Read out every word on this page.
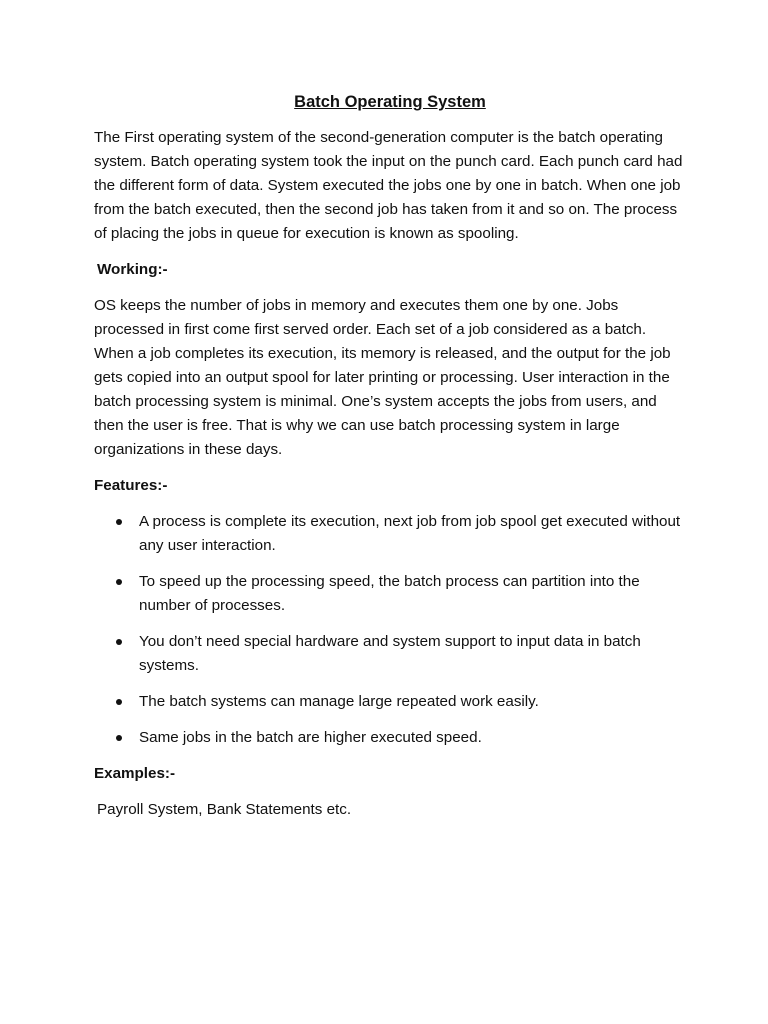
Batch Operating System

The First operating system of the second-generation computer is the batch operating system. Batch operating system took the input on the punch card. Each punch card had the different form of data. System executed the jobs one by one in batch. When one job from the batch executed, then the second job has taken from it and so on. The process of placing the jobs in queue for execution is known as spooling.

Working:-

OS keeps the number of jobs in memory and executes them one by one. Jobs processed in first come first served order. Each set of a job considered as a batch. When a job completes its execution, its memory is released, and the output for the job gets copied into an output spool for later printing or processing. User interaction in the batch processing system is minimal. One’s system accepts the jobs from users, and then the user is free. That is why we can use batch processing system in large organizations in these days.

Features:-
A process is complete its execution, next job from job spool get executed without any user interaction.
To speed up the processing speed, the batch process can partition into the number of processes.
You don’t need special hardware and system support to input data in batch systems.
The batch systems can manage large repeated work easily.
Same jobs in the batch are higher executed speed.
Examples:-

Payroll System, Bank Statements etc.
